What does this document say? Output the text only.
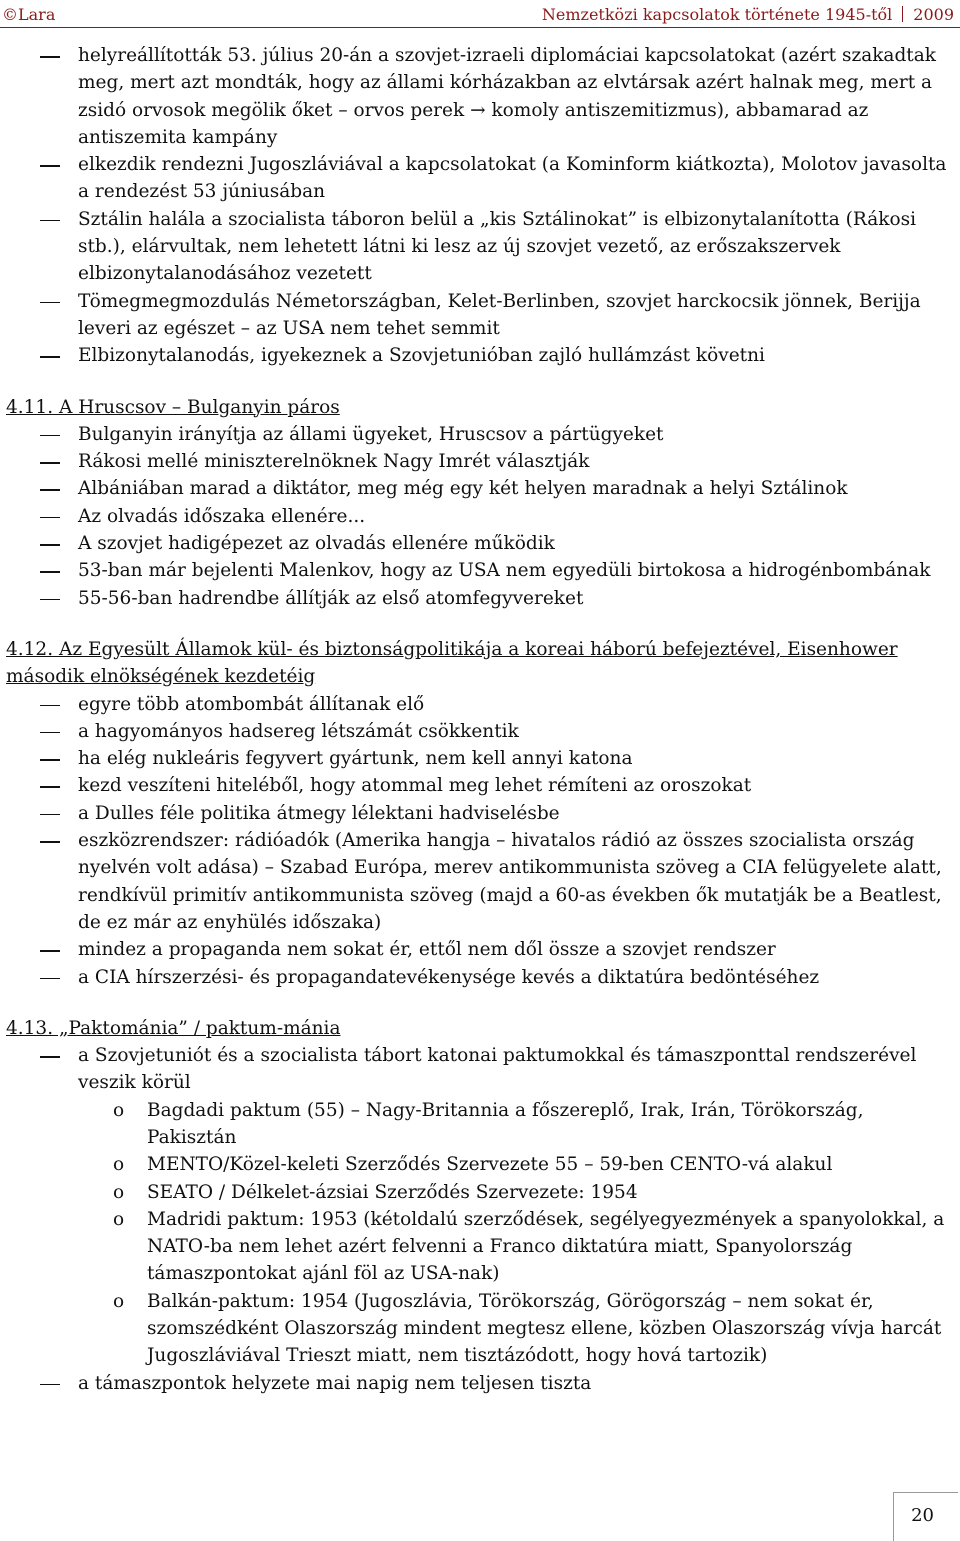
©Lara	Nemzetközi kapcsolatok története 1945-től 2009
helyreállították 53. július 20-án a szovjet-izraeli diplomáciai kapcsolatokat (azért szakadtak meg, mert azt mondták, hogy az állami kórházakban az elvtársak azért halnak meg, mert a zsidó orvosok megölik őket – orvos perek → komoly antiszemitizmus), abbamarad az antiszemita kampány
elkezdik rendezni Jugoszláviával a kapcsolatokat (a Kominform kiátkozta), Molotov javasolta a rendezést 53 júniusában
Sztálin halála a szocialista táboron belül a „kis Sztálinokat” is elbizonytalanította (Rákosi stb.), elárvultak, nem lehetett látni ki lesz az új szovjet vezető, az erőszakszervek elbizonytalanodásához vezetett
Tömegmegmozdulás Németországban, Kelet-Berlinben, szovjet harckocsik jönnek, Berijja leveri az egészet – az USA nem tehet semmit
Elbizonytalanodás, igyekeznek a Szovjetunióban zajló hullámzást követni
4.11. A Hruscsov – Bulganyin páros
Bulganyin irányítja az állami ügyeket, Hruscsov a pártügyeket
Rákosi mellé miniszterelnöknek Nagy Imrét választják
Albániában marad a diktátor, meg még egy két helyen maradnak a helyi Sztálinok
Az olvadás időszaka ellenére...
A szovjet hadigépezet az olvadás ellenére működik
53-ban már bejelenti Malenkov, hogy az USA nem egyedüli birtokosa a hidrogénbombának
55-56-ban hadrendbe állítják az első atomfegyvereket
4.12. Az Egyesült Államok kül- és biztonságpolitikája a koreai háború befejeztével, Eisenhower második elnökségének kezdetéig
egyre több atombombát állítanak elő
a hagyományos hadsereg létszámát csökkentik
ha elég nukleáris fegyvert gyártunk, nem kell annyi katona
kezd veszíteni hiteléből, hogy atommal meg lehet rémíteni az oroszokat
a Dulles féle politika átmegy lélektani hadviselésbe
eszközrendszer: rádióadók (Amerika hangja – hivatalos rádió az összes szocialista ország nyelvén volt adása) – Szabad Európa, merev antikommunista szöveg a CIA felügyelete alatt, rendkívül primitív antikommunista szöveg (majd a 60-as években ők mutatják be a Beatlest, de ez már az enyhülés időszaka)
mindez a propaganda nem sokat ér, ettől nem dől össze a szovjet rendszer
a CIA hírszerzési- és propagandatevékenysége kevés a diktatúra bedöntéséhez
4.13. „Paktománia” / paktum-mánia
a Szovjetuniót és a szocialista tábort katonai paktumokkal és támaszponttal rendszerével veszik körül
o Bagdadi paktum (55) – Nagy-Britannia a főszereplő, Irak, Irán, Törökország, Pakisztán
o MENTO/Közel-keleti Szerződés Szervezete 55 – 59-ben CENTO-vá alakul
o SEATO / Délkelet-ázsiai Szerződés Szervezete: 1954
o Madridi paktum: 1953 (kétoldalú szerződések, segélyegyezmények a spanyolokkal, a NATO-ba nem lehet azért felvenni a Franco diktatúra miatt, Spanyolország támaszpontokat ajánl föl az USA-nak)
o Balkán-paktum: 1954 (Jugoszlávia, Törökország, Görögország – nem sokat ér, szomszédként Olaszország mindent megtesz ellene, közben Olaszország vívja harcát Jugoszláviával Trieszt miatt, nem tisztázódott, hogy hová tartozik)
a támaszpontok helyzete mai napig nem teljesen tiszta
20
